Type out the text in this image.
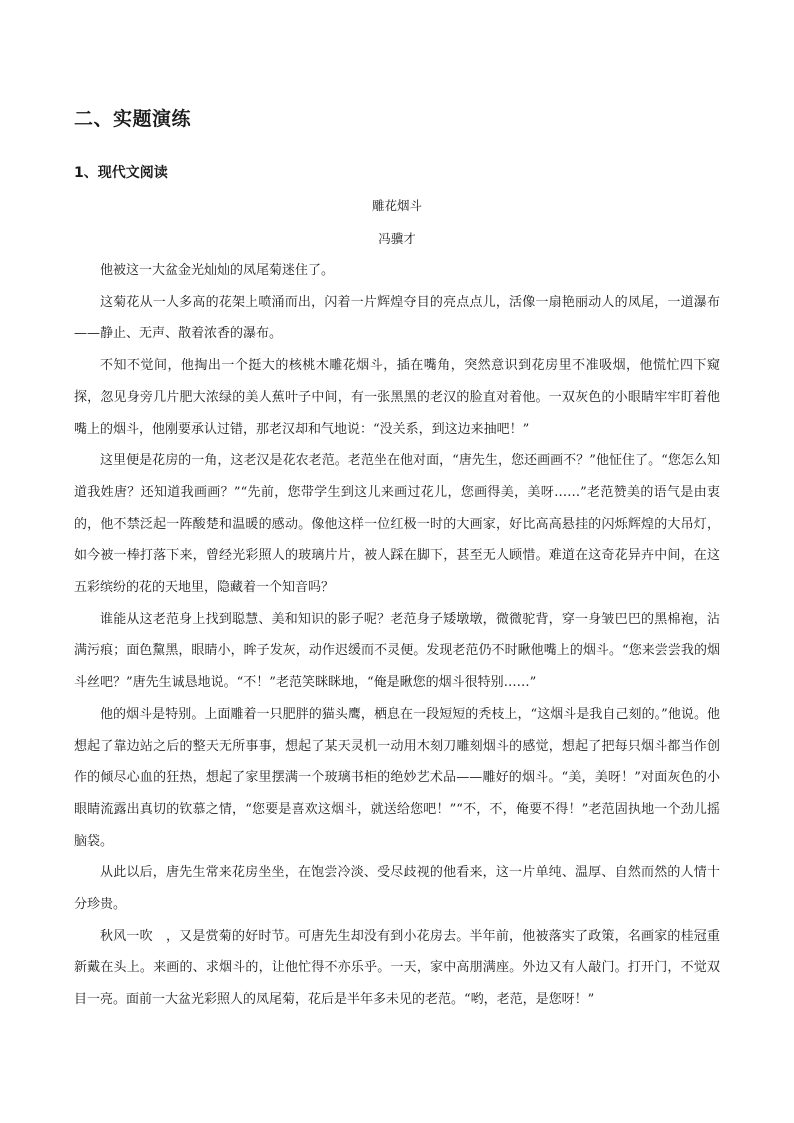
二、实题演练
1、现代文阅读
雕花烟斗
冯骥才

他被这一大盆金光灿灿的凤尾菊迷住了。

这菊花从一人多高的花架上喷涌而出，闪着一片辉煌夺目的亮点点儿，活像一扇艳丽动人的凤尾，一道瀑布——静止、无声、散着浓香的瀑布。

不知不觉间，他掏出一个挺大的核桃木雕花烟斗，插在嘴角，突然意识到花房里不准吸烟，他慌忙四下窥探，忽见身旁几片肥大浓绿的美人蕉叶子中间，有一张黑黑的老汉的脸直对着他。一双灰色的小眼睛牢牢盯着他嘴上的烟斗，他刚要承认过错，那老汉却和气地说：“没关系，到这边来抽吧！”

这里便是花房的一角，这老汉是花农老范。老范坐在他对面，“唐先生，您还画画不？”他怔住了。“您怎么知道我姓唐？还知道我画画？”“先前，您带学生到这儿来画过花儿，您画得美，美呀……”老范赞美的语气是由衷的，他不禁泛起一阵酸楚和温暖的感动。像他这样一位红极一时的大画家，好比高高悬挂的闪烁辉煌的大吊灯，如今被一棒打落下来，曾经光彩照人的玻璃片片，被人踩在脚下，甚至无人顾惜。难道在这奇花异卉中间，在这五彩缤纷的花的天地里，隐藏着一个知音吗？

谁能从这老范身上找到聪慧、美和知识的影子呢？老范身子矮墩墩，微微驼背，穿一身皱巴巴的黑棉袍，沾满污痕；面色黧黑，眼睛小，眸子发灰，动作迟缓而不灵便。发现老范仍不时瞅他嘴上的烟斗。“您来尝尝我的烟斗丝吧？”唐先生诚恳地说。“不！”老范笑眯眯地，“俺是瞅您的烟斗很特别……”

他的烟斗是特别。上面雕着一只肥胖的猫头鹰，栖息在一段短短的秃枝上，“这烟斗是我自己刻的。”他说。他想起了靠边站之后的整天无所事事，想起了某天灵机一动用木刻刀雕刻烟斗的感觉，想起了把每只烟斗都当作创作的倾尽心血的狂热，想起了家里摆满一个玻璃书柜的绝妙艺术品——雕好的烟斗。“美，美呀！”对面灰色的小眼睛流露出真切的钦慕之情，“您要是喜欢这烟斗，就送给您吧！”“不，不，俺要不得！”老范固执地一个劲儿摇脑袋。

从此以后，唐先生常来花房坐坐，在饱尝冷淡、受尽歧视的他看来，这一片单纯、温厚、自然而然的人情十分珍贵。

秋风一吹　，又是赏菊的好时节。可唐先生却没有到小花房去。半年前，他被落实了政策，名画家的桂冠重新戴在头上。来画的、求烟斗的，让他忙得不亦乐乎。一天，家中高朋满座。外边又有人敲门。打开门，不觉双目一亮。面前一大盆光彩照人的凤尾菊，花后是半年多未见的老范。“哟，老范，是您呀！”
